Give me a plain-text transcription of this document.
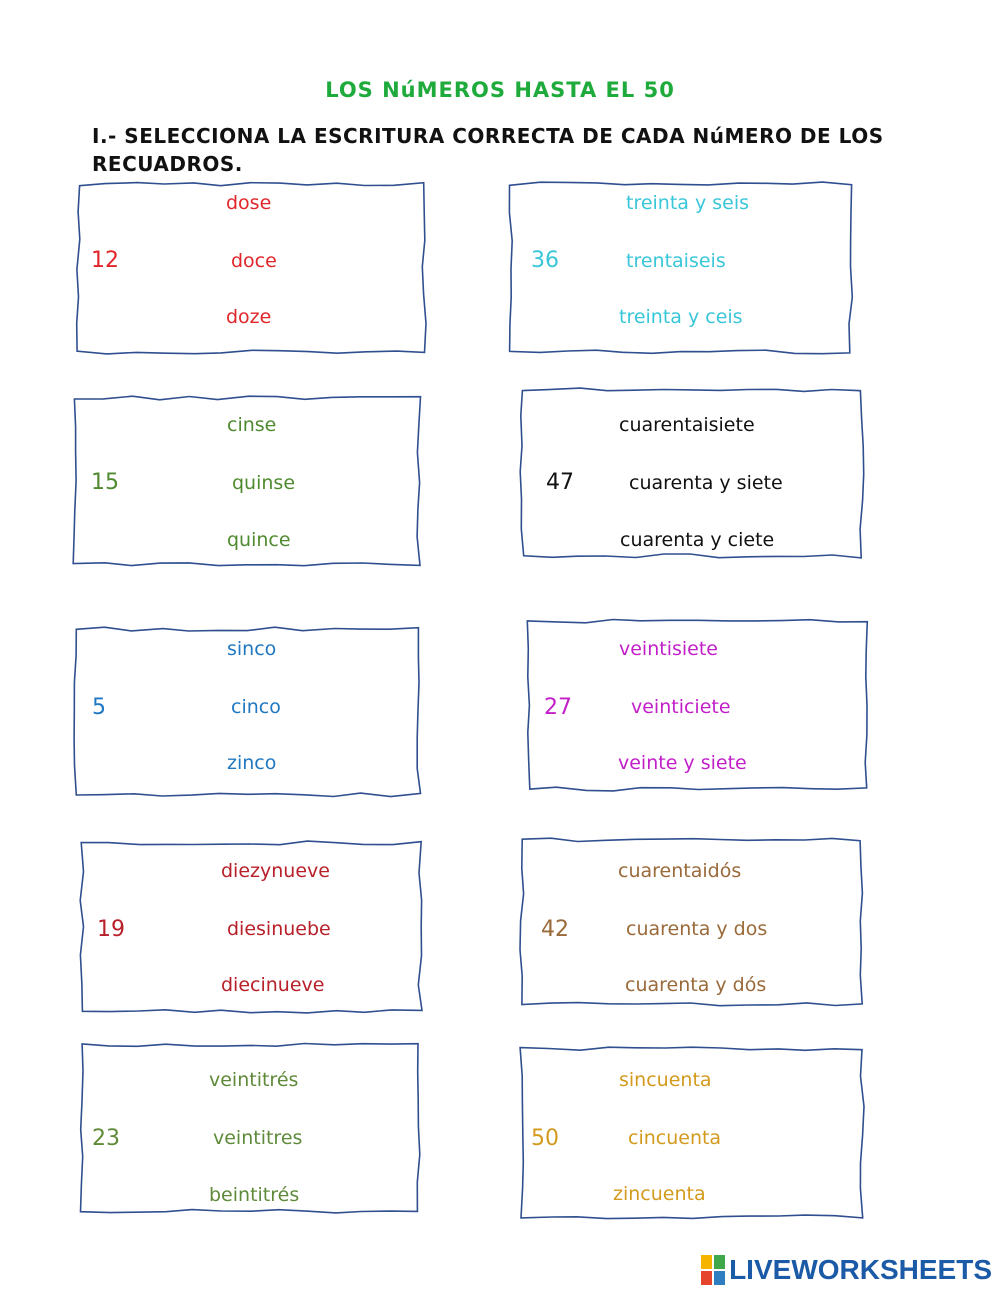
LOS NúMEROS HASTA EL 50
I.- SELECCIONA LA ESCRITURA CORRECTA DE CADA NúMERO DE LOS RECUADROS.
12
dose
doce
doze
36
treinta y seis
trentaiseis
treinta y ceis
15
cinse
quinse
quince
47
cuarentaisiete
cuarenta y siete
cuarenta y ciete
5
sinco
cinco
zinco
27
veintisiete
veinticiete
veinte y siete
19
diezynueve
diesinuebe
diecinueve
42
cuarentaidós
cuarenta y dos
cuarenta y dós
23
veintitrés
veintitres
beintitrés
50
sincuenta
cincuenta
zincuenta
LIVEWORKSHEETS
